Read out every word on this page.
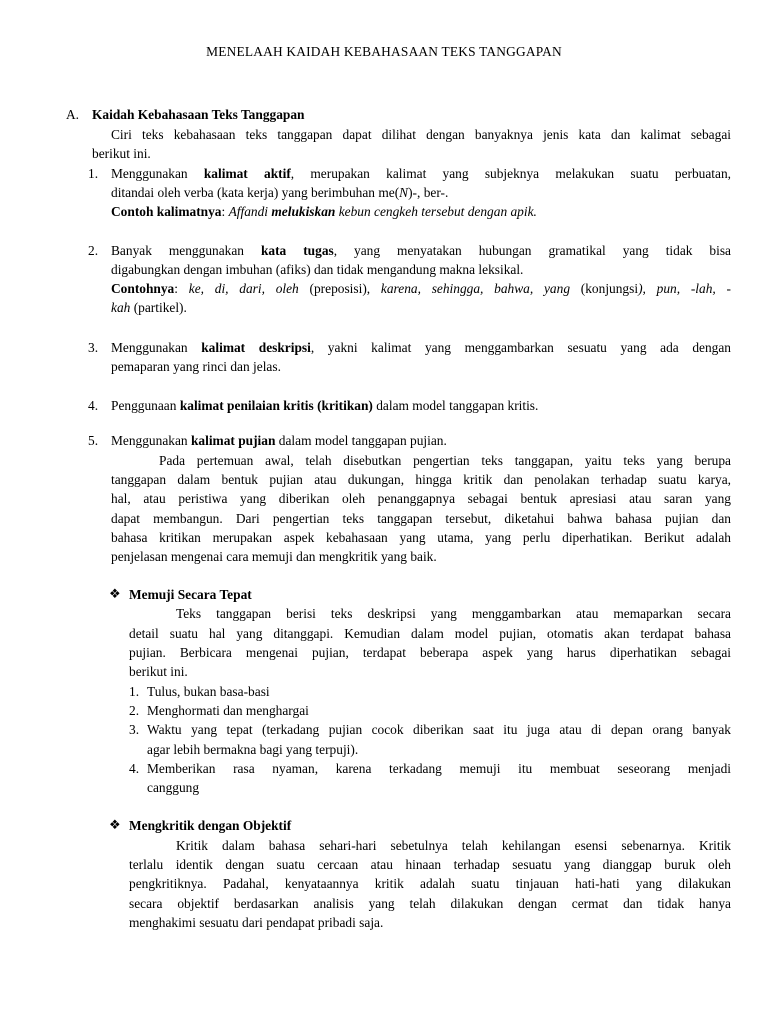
MENELAAH KAIDAH KEBAHASAAN TEKS TANGGAPAN
A. Kaidah Kebahasaan Teks Tanggapan
Ciri teks kebahasaan teks tanggapan dapat dilihat dengan banyaknya jenis kata dan kalimat sebagai
berikut ini.
1. Menggunakan kalimat aktif, merupakan kalimat yang subjeknya melakukan suatu perbuatan,
ditandai oleh verba (kata kerja) yang berimbuhan me(N)-, ber-.
Contoh kalimatnya: Affandi melukiskan kebun cengkeh tersebut dengan apik.
2. Banyak menggunakan kata tugas, yang menyatakan hubungan gramatikal yang tidak bisa
digabungkan dengan imbuhan (afiks) dan tidak mengandung makna leksikal.
Contohnya: ke, di, dari, oleh (preposisi), karena, sehingga, bahwa, yang (konjungsi), pun, -lah, -
kah (partikel).
3. Menggunakan kalimat deskripsi, yakni kalimat yang menggambarkan sesuatu yang ada dengan
pemaparan yang rinci dan jelas.
4. Penggunaan kalimat penilaian kritis (kritikan) dalam model tanggapan kritis.
5. Menggunakan kalimat pujian dalam model tanggapan pujian.
Pada pertemuan awal, telah disebutkan pengertian teks tanggapan, yaitu teks yang berupa
tanggapan dalam bentuk pujian atau dukungan, hingga kritik dan penolakan terhadap suatu karya,
hal, atau peristiwa yang diberikan oleh penanggapnya sebagai bentuk apresiasi atau saran yang
dapat membangun. Dari pengertian teks tanggapan tersebut, diketahui bahwa bahasa pujian dan
bahasa kritikan merupakan aspek kebahasaan yang utama, yang perlu diperhatikan. Berikut adalah
penjelasan mengenai cara memuji dan mengkritik yang baik.
❖ Memuji Secara Tepat
Teks tanggapan berisi teks deskripsi yang menggambarkan atau memaparkan secara
detail suatu hal yang ditanggapi. Kemudian dalam model pujian, otomatis akan terdapat bahasa
pujian. Berbicara mengenai pujian, terdapat beberapa aspek yang harus diperhatikan sebagai
berikut ini.
1. Tulus, bukan basa-basi
2. Menghormati dan menghargai
3. Waktu yang tepat (terkadang pujian cocok diberikan saat itu juga atau di depan orang banyak
agar lebih bermakna bagi yang terpuji).
4. Memberikan rasa nyaman, karena terkadang memuji itu membuat seseorang menjadi
canggung
❖ Mengkritik dengan Objektif
Kritik dalam bahasa sehari-hari sebetulnya telah kehilangan esensi sebenarnya. Kritik
terlalu identik dengan suatu cercaan atau hinaan terhadap sesuatu yang dianggap buruk oleh
pengkritiknya. Padahal, kenyataannya kritik adalah suatu tinjauan hati-hati yang dilakukan
secara objektif berdasarkan analisis yang telah dilakukan dengan cermat dan tidak hanya
menghakimi sesuatu dari pendapat pribadi saja.
